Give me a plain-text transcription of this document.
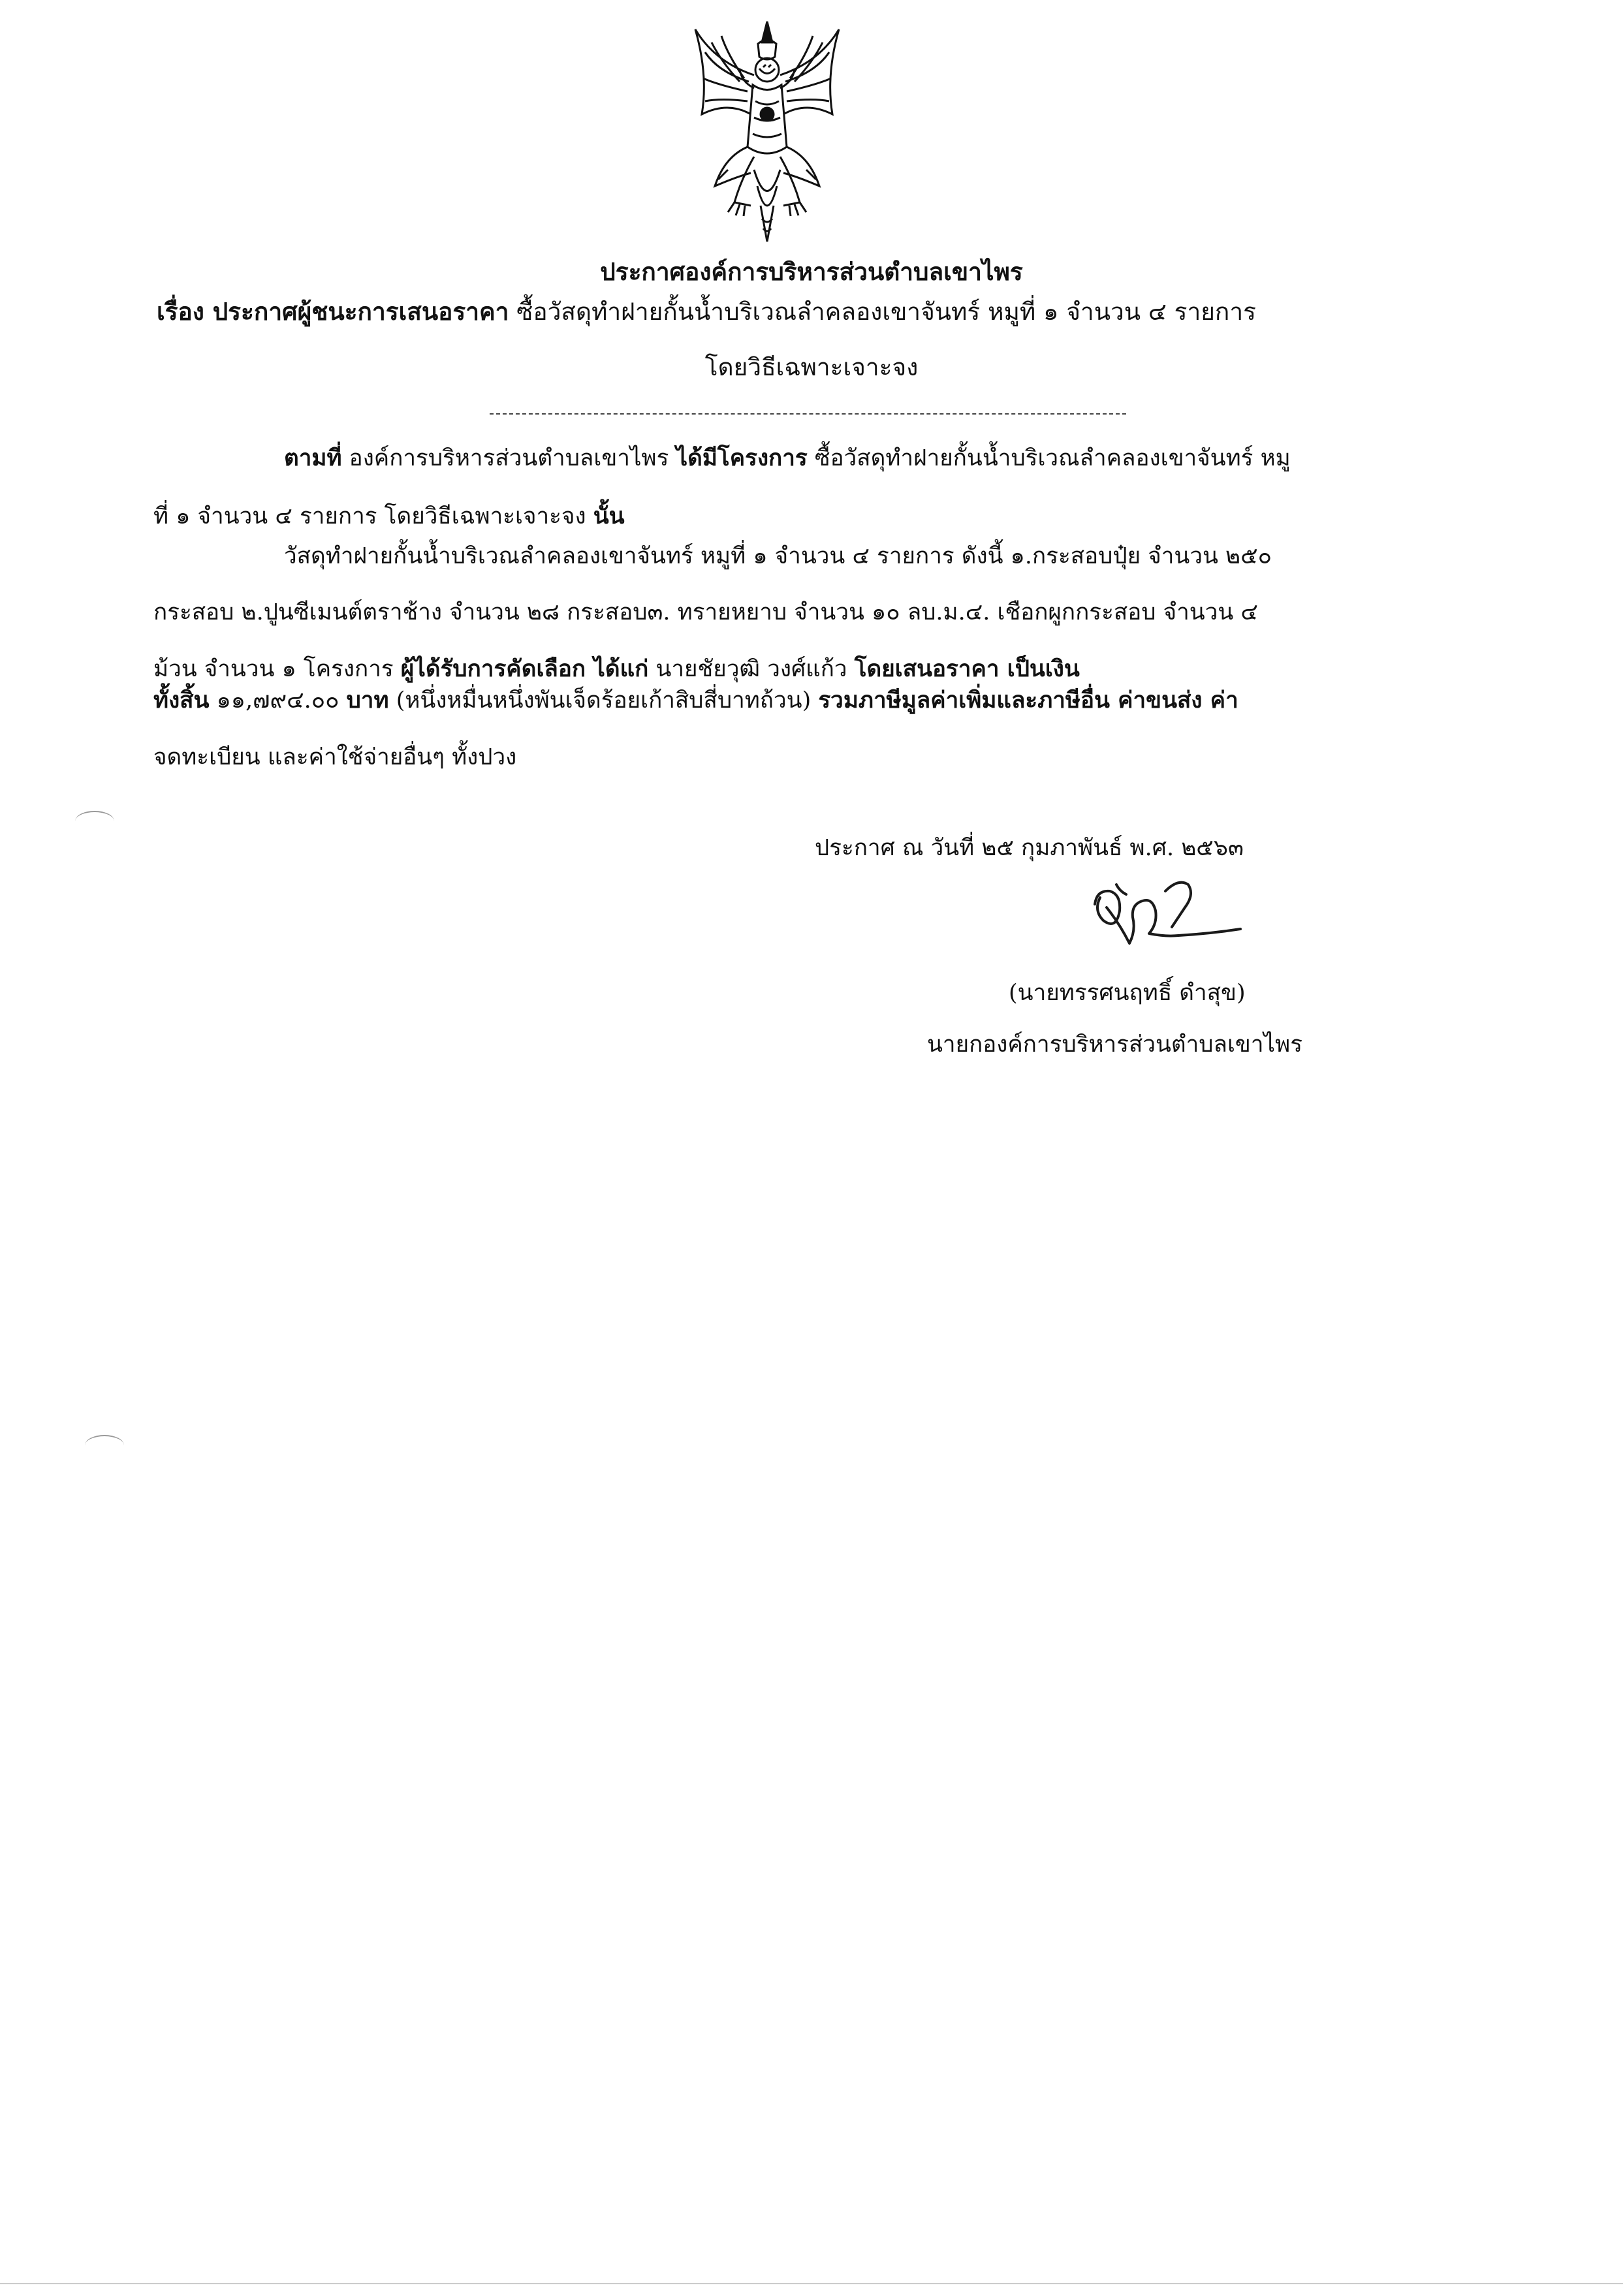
ประกาศองค์การบริหารส่วนตำบลเขาไพร
เรื่อง ประกาศผู้ชนะการเสนอราคา ซื้อวัสดุทำฝายกั้นน้ำบริเวณลำคลองเขาจันทร์ หมูที่ ๑ จำนวน ๔ รายการ
โดยวิธีเฉพาะเจาะจง
ตามที่ องค์การบริหารส่วนตำบลเขาไพร ได้มีโครงการ ซื้อวัสดุทำฝายกั้นน้ำบริเวณลำคลองเขาจันทร์ หมู
ที่ ๑ จำนวน ๔ รายการ โดยวิธีเฉพาะเจาะจง นั้น
วัสดุทำฝายกั้นน้ำบริเวณลำคลองเขาจันทร์ หมูที่ ๑ จำนวน ๔ รายการ ดังนี้ ๑.กระสอบปุ๋ย จำนวน ๒๕๐
กระสอบ ๒.ปูนซีเมนต์ตราช้าง จำนวน ๒๘ กระสอบ๓. ทรายหยาบ จำนวน ๑๐ ลบ.ม.๔. เชือกผูกกระสอบ จำนวน ๔
ม้วน จำนวน ๑ โครงการ ผู้ได้รับการคัดเลือก ได้แก่ นายชัยวุฒิ วงศ์แก้ว โดยเสนอราคา เป็นเงิน
ทั้งสิ้น ๑๑,๗๙๔.๐๐ บาท (หนึ่งหมื่นหนึ่งพันเจ็ดร้อยเก้าสิบสี่บาทถ้วน) รวมภาษีมูลค่าเพิ่มและภาษีอื่น ค่าขนส่ง ค่า
จดทะเบียน และค่าใช้จ่ายอื่นๆ ทั้งปวง
ประกาศ ณ วันที่ ๒๕ กุมภาพันธ์ พ.ศ. ๒๕๖๓
(นายทรรศนฤทธิ์ ดำสุข)
นายกองค์การบริหารส่วนตำบลเขาไพร
